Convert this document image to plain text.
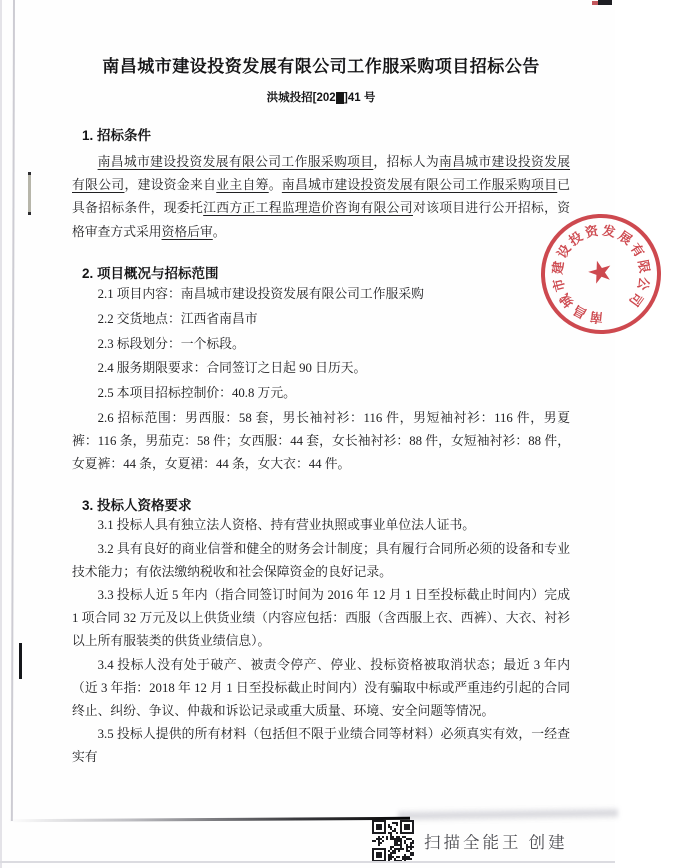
南昌城市建设投资发展有限公司工作服采购项目招标公告
洪城投招[2021]41 号
1. 招标条件

南昌城市建设投资发展有限公司工作服采购项目，招标人为南昌城市建设投资发展有限公司，建设资金来自业主自筹。南昌城市建设投资发展有限公司工作服采购项目已具备招标条件，现委托江西方正工程监理造价咨询有限公司对该项目进行公开招标，资格审查方式采用资格后审。

2. 项目概况与招标范围

2.1 项目内容：南昌城市建设投资发展有限公司工作服采购

2.2 交货地点：江西省南昌市

2.3 标段划分：一个标段。

2.4 服务期限要求：合同签订之日起 90 日历天。

2.5 本项目招标控制价：40.8 万元。

2.6 招标范围：男西服：58 套，男长袖衬衫：116 件，男短袖衬衫：116 件，男夏裤：116 条，男茄克：58 件；女西服：44 套，女长袖衬衫：88 件，女短袖衬衫：88 件，女夏裤：44 条，女夏裙：44 条，女大衣：44 件。

3. 投标人资格要求

3.1 投标人具有独立法人资格、持有营业执照或事业单位法人证书。

3.2 具有良好的商业信誉和健全的财务会计制度；具有履行合同所必须的设备和专业技术能力；有依法缴纳税收和社会保障资金的良好记录。

3.3 投标人近 5 年内（指合同签订时间为 2016 年 12 月 1 日至投标截止时间内）完成 1 项合同 32 万元及以上供货业绩（内容应包括：西服（含西服上衣、西裤）、大衣、衬衫以上所有服装类的供货业绩信息）。

3.4 投标人没有处于破产、被责令停产、停业、投标资格被取消状态；最近 3 年内（近 3 年指：2018 年 12 月 1 日至投标截止时间内）没有骗取中标或严重违约引起的合同终止、纠纷、争议、仲裁和诉讼记录或重大质量、环境、安全问题等情况。

3.5 投标人提供的所有材料（包括但不限于业绩合同等材料）必须真实有效，一经查实有

★
南
昌
城
市
建
设
投
资 发
展
有
限
公
司
扫描全能王 创建
